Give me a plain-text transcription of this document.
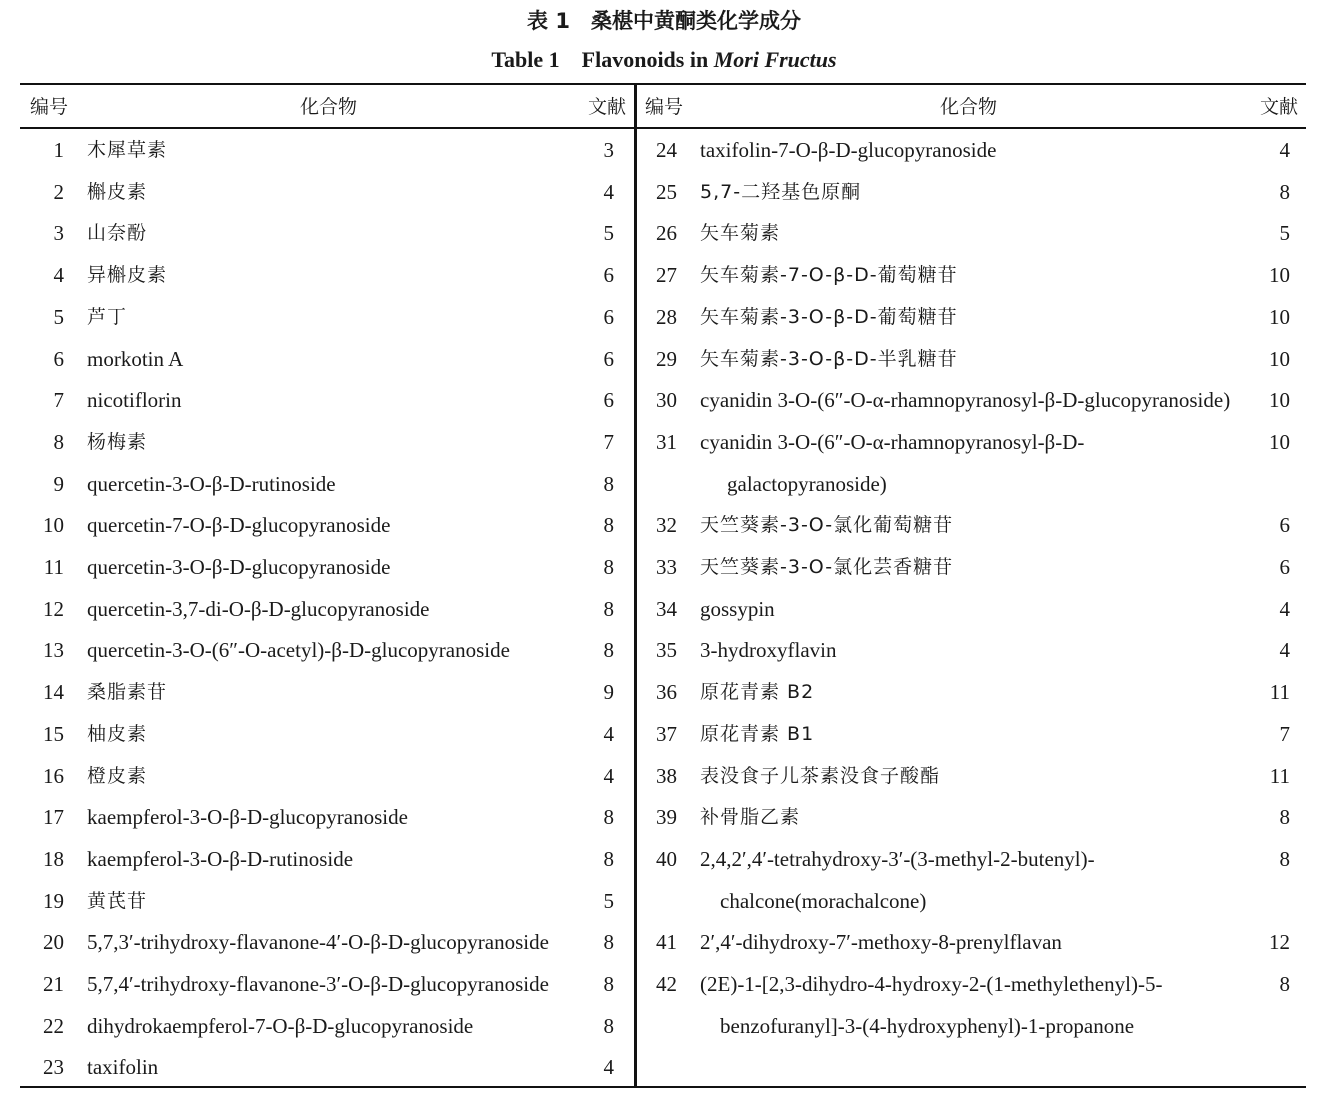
表 1　桑椹中黄酮类化学成分
Table 1　Flavonoids in Mori Fructus
编号	化合物	文献 编号	化合物	文献
1 木犀草素	3
2 槲皮素	4
3 山奈酚	5
4 异槲皮素	6
5 芦丁	6
6 morkotin A	6
7 nicotiflorin	6
8 杨梅素	7
9 quercetin-3-O-β-D-rutinoside	8
10 quercetin-7-O-β-D-glucopyranoside	8
11 quercetin-3-O-β-D-glucopyranoside	8
12 quercetin-3,7-di-O-β-D-glucopyranoside	8
13 quercetin-3-O-(6″-O-acetyl)-β-D-glucopyranoside	8
14 桑脂素苷	9
15 柚皮素	4
16 橙皮素	4
17 kaempferol-3-O-β-D-glucopyranoside	8
18 kaempferol-3-O-β-D-rutinoside	8
19 黄芪苷	5
20 5,7,3′-trihydroxy-flavanone-4′-O-β-D-glucopyranoside	8
21 5,7,4′-trihydroxy-flavanone-3′-O-β-D-glucopyranoside	8
22 dihydrokaempferol-7-O-β-D-glucopyranoside	8
23 taxifolin	4
24 taxifolin-7-O-β-D-glucopyranoside	4
25 5,7-二羟基色原酮	8
26 矢车菊素	5
27 矢车菊素-7-O-β-D-葡萄糖苷	10
28 矢车菊素-3-O-β-D-葡萄糖苷	10
29 矢车菊素-3-O-β-D-半乳糖苷	10
30 cyanidin 3-O-(6″-O-α-rhamnopyranosyl-β-D-glucopyranoside)	10
31 cyanidin 3-O-(6″-O-α-rhamnopyranosyl-β-D-	10
galactopyranoside)
32 天竺葵素-3-O-氯化葡萄糖苷	6
33 天竺葵素-3-O-氯化芸香糖苷	6
34 gossypin	4
35 3-hydroxyflavin	4
36 原花青素 B2	11
37 原花青素 B1	7
38 表没食子儿茶素没食子酸酯	11
39 补骨脂乙素	8
40 2,4,2′,4′-tetrahydroxy-3′-(3-methyl-2-butenyl)-	8
chalcone(morachalcone)
41 2′,4′-dihydroxy-7′-methoxy-8-prenylflavan	12
42 (2E)-1-[2,3-dihydro-4-hydroxy-2-(1-methylethenyl)-5-	8
benzofuranyl]-3-(4-hydroxyphenyl)-1-propanone
